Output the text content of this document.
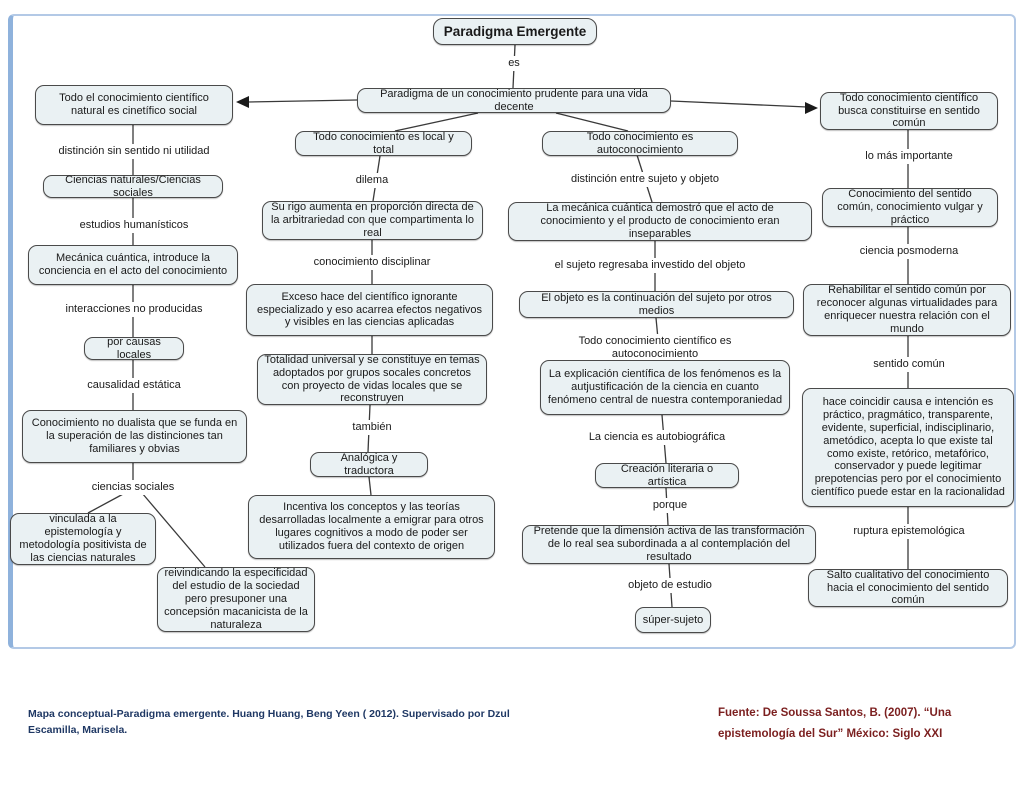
Paradigma Emergente
es
Paradigma de un conocimiento prudente para una vida decente
Todo el conocimiento científico natural es cinetífico social
distinción sin sentido ni utilidad
Ciencias naturales/Ciencias sociales
estudios humanísticos
Mecánica cuántica, introduce la conciencia en el acto del conocimiento
interacciones no producidas
por causas locales
causalidad estática
Conocimiento no dualista que se funda en la superación de las distinciones tan familiares y obvias
ciencias sociales
vinculada a la epistemología y metodología positivista de las ciencias naturales
reivindicando la especificidad del estudio de la sociedad pero presuponer una concepsión macanicista de la naturaleza
Todo conocimiento es local y total
dilema
Su rigo aumenta en proporción directa de la arbitrariedad con que compartimenta lo real
conocimiento disciplinar
Exceso hace del científico ignorante especializado y eso acarrea efectos negativos y visibles en las ciencias aplicadas
Totalidad universal y se constituye en temas adoptados por grupos socales concretos con proyecto de vidas locales que se reconstruyen
también
Analógica y traductora
Incentiva los conceptos y las teorías desarrolladas localmente a emigrar para otros lugares cognitivos a modo de poder ser utilizados fuera del contexto de origen
Todo conocimiento es autoconocimiento
distinción entre sujeto y objeto
La mecánica cuántica demostró que el acto de conocimiento y el producto de conocimiento eran inseparables
el sujeto regresaba investido del objeto
El objeto es la continuación del sujeto por otros medios
Todo conocimiento científico es autoconocimiento
La explicación científica de los fenómenos es la autjustificación de la ciencia en cuanto fenómeno central de nuestra contemporaniedad
La ciencia es autobiográfica
Creación literaria o artística
porque
Pretende que la dimensión activa de las transformación de lo real sea subordinada a al contemplación del resultado
objeto de estudio
súper-sujeto
Todo conocimiento científico busca constituirse en sentido común
lo más importante
Conocimiento del sentido común, conocimiento vulgar y práctico
ciencia posmoderna
Rehabilitar el sentido común por reconocer algunas virtualidades para enriquecer nuestra relación con el mundo
sentido común
hace coincidir causa e intención es práctico, pragmático, transparente, evidente, superficial, indisciplinario, ametódico, acepta lo que existe tal como existe, retórico, metafórico, conservador y puede legitimar prepotencias pero por el conocimiento científico puede estar en la racionalidad
ruptura epistemológica
Salto cualitativo del conocimiento hacia el conocimiento del sentido común
Mapa conceptual-Paradigma emergente. Huang Huang, Beng Yeen ( 2012). Supervisado por Dzul Escamilla, Marisela.
Fuente: De Soussa Santos, B. (2007). “Una epistemología del Sur” México: Siglo XXI
